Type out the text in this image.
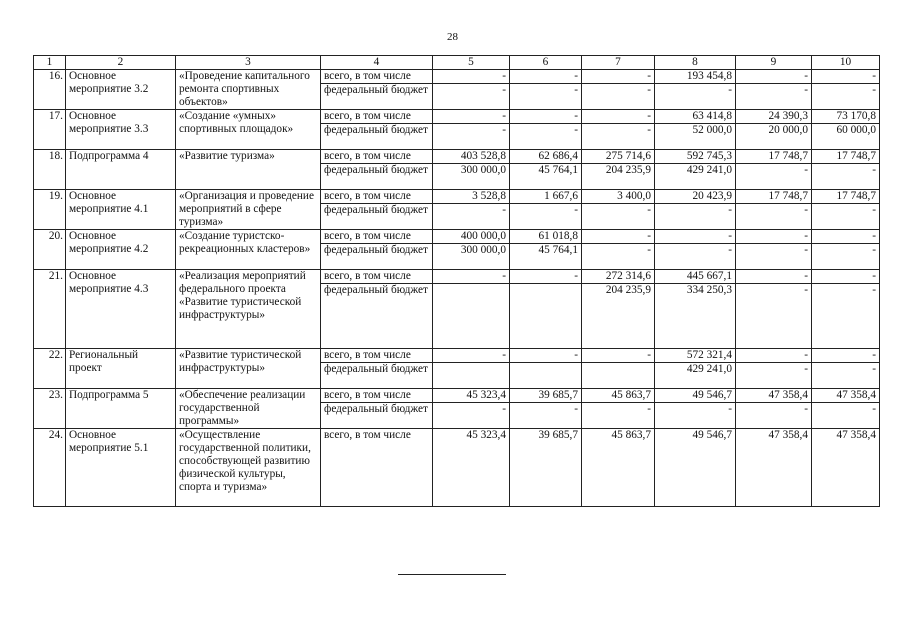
28
1	2	3	4	5	6	7	8	9	10
16.	Основное мероприятие 3.2	«Проведение капитального ремонта спортивных объектов»	всего, в том числе	-	-	-	193 454,8	-	-
			федеральный бюджет	-	-	-	-	-	-
17.	Основное мероприятие 3.3	«Создание «умных» спортивных площадок»	всего, в том числе	-	-	-	63 414,8	24 390,3	73 170,8
			федеральный бюджет	-	-	-	52 000,0	20 000,0	60 000,0
18.	Подпрограмма 4	«Развитие туризма»	всего, в том числе	403 528,8	62 686,4	275 714,6	592 745,3	17 748,7	17 748,7
			федеральный бюджет	300 000,0	45 764,1	204 235,9	429 241,0	-	-
19.	Основное мероприятие 4.1	«Организация и проведение мероприятий в сфере туризма»	всего, в том числе	3 528,8	1 667,6	3 400,0	20 423,9	17 748,7	17 748,7
			федеральный бюджет	-	-	-	-	-	-
20.	Основное мероприятие 4.2	«Создание туристско-рекреационных кластеров»	всего, в том числе	400 000,0	61 018,8	-	-	-	-
			федеральный бюджет	300 000,0	45 764,1	-	-	-	-
21.	Основное мероприятие 4.3	«Реализация мероприятий федерального проекта «Развитие туристической инфраструктуры»	всего, в том числе	-	-	272 314,6	445 667,1	-	-
			федеральный бюджет			204 235,9	334 250,3	-	-
22.	Региональный проект	«Развитие туристической инфраструктуры»	всего, в том числе	-	-	-	572 321,4	-	-
			федеральный бюджет				429 241,0	-	-
23.	Подпрограмма 5	«Обеспечение реализации государственной программы»	всего, в том числе	45 323,4	39 685,7	45 863,7	49 546,7	47 358,4	47 358,4
			федеральный бюджет	-	-	-	-	-	-
24.	Основное мероприятие 5.1	«Осуществление государственной политики, способствующей развитию физической культуры, спорта и туризма»	всего, в том числе	45 323,4	39 685,7	45 863,7	49 546,7	47 358,4	47 358,4
